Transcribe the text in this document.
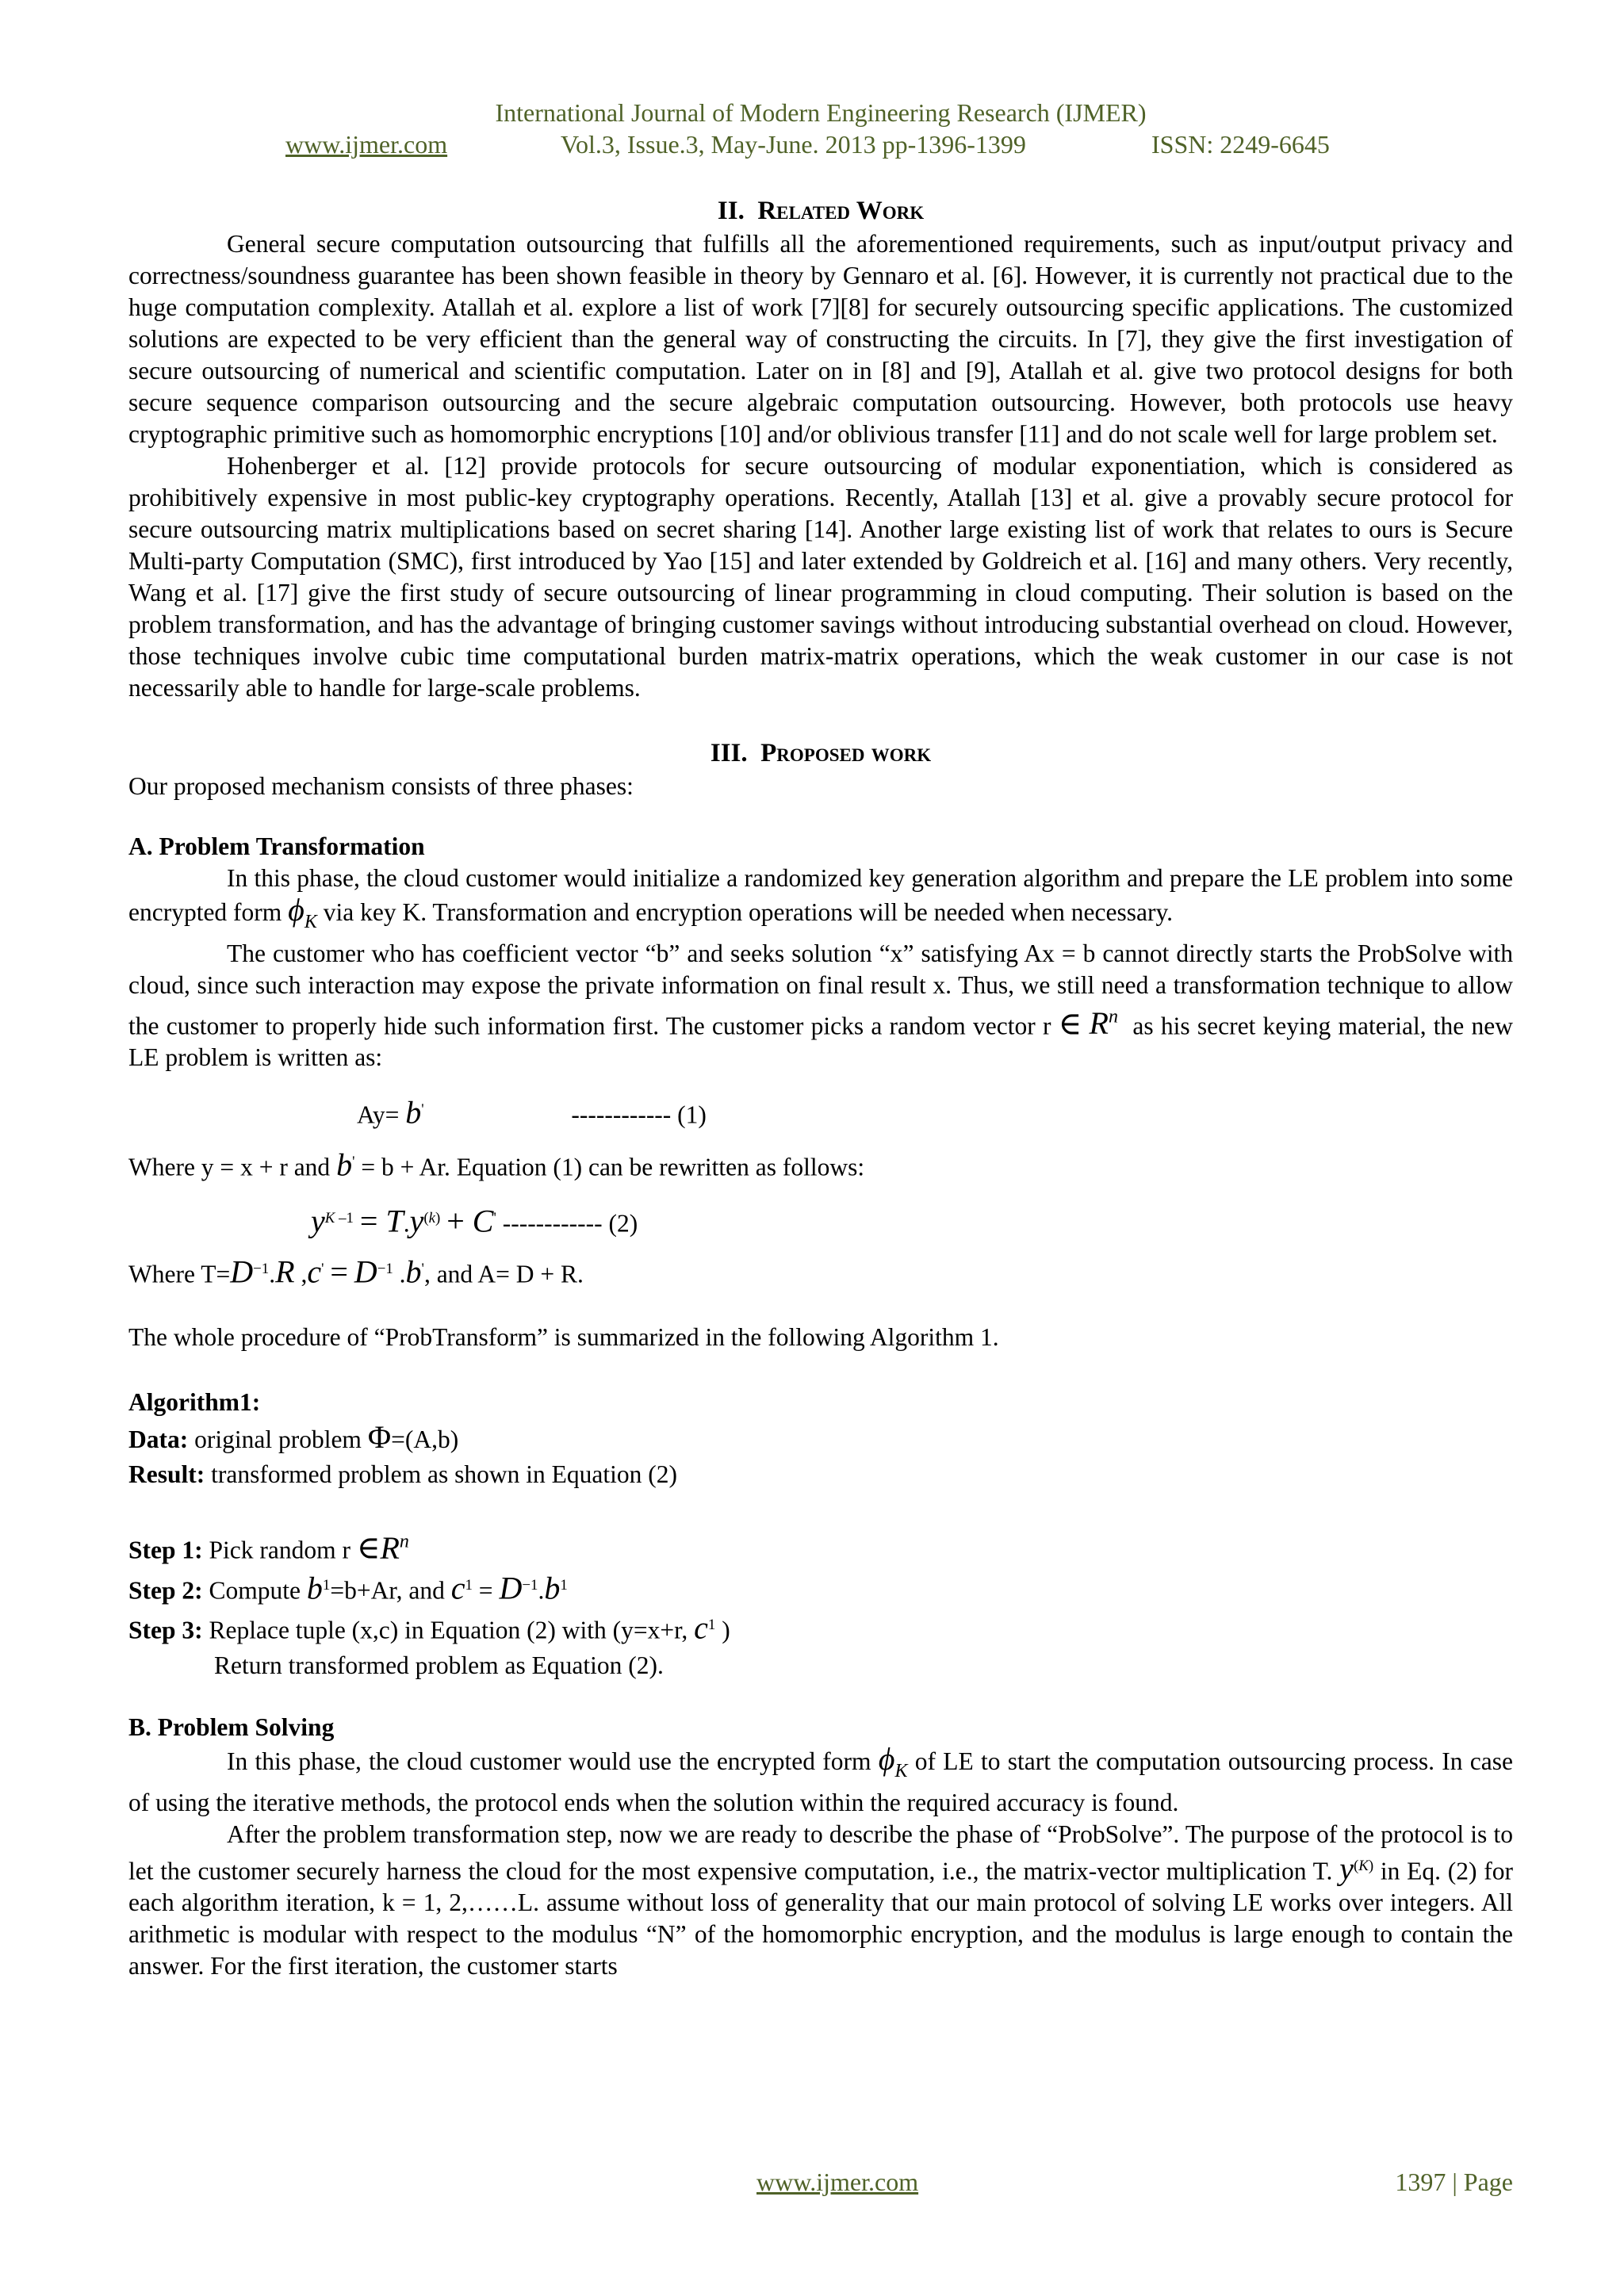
International Journal of Modern Engineering Research (IJMER)
www.ijmer.com	Vol.3, Issue.3, May-June. 2013 pp-1396-1399	ISSN: 2249-6645
II. Related Work

General secure computation outsourcing that fulfills all the aforementioned requirements, such as input/output privacy and correctness/soundness guarantee has been shown feasible in theory by Gennaro et al. [6]. However, it is currently not practical due to the huge computation complexity. Atallah et al. explore a list of work [7][8] for securely outsourcing specific applications. The customized solutions are expected to be very efficient than the general way of constructing the circuits. In [7], they give the first investigation of secure outsourcing of numerical and scientific computation. Later on in [8] and [9], Atallah et al. give two protocol designs for both secure sequence comparison outsourcing and the secure algebraic computation outsourcing. However, both protocols use heavy cryptographic primitive such as homomorphic encryptions [10] and/or oblivious transfer [11] and do not scale well for large problem set.

Hohenberger et al. [12] provide protocols for secure outsourcing of modular exponentiation, which is considered as prohibitively expensive in most public-key cryptography operations. Recently, Atallah [13] et al. give a provably secure protocol for secure outsourcing matrix multiplications based on secret sharing [14]. Another large existing list of work that relates to ours is Secure Multi-party Computation (SMC), first introduced by Yao [15] and later extended by Goldreich et al. [16] and many others. Very recently, Wang et al. [17] give the first study of secure outsourcing of linear programming in cloud computing. Their solution is based on the problem transformation, and has the advantage of bringing customer savings without introducing substantial overhead on cloud. However, those techniques involve cubic time computational burden matrix-matrix operations, which the weak customer in our case is not necessarily able to handle for large-scale problems.

III. Proposed work

Our proposed mechanism consists of three phases:

A. Problem Transformation

In this phase, the cloud customer would initialize a randomized key generation algorithm and prepare the LE problem into some encrypted form $\phi_K$ via key K. Transformation and encryption operations will be needed when necessary.

The customer who has coefficient vector “b” and seeks solution “x” satisfying Ax = b cannot directly starts the ProbSolve with cloud, since such interaction may expose the private information on final result x. Thus, we still need a transformation technique to allow the customer to properly hide such information first. The customer picks a random vector r ∈ $R^n$ as his secret keying material, the new LE problem is written as:

Ay= b'	------------ (1)

Where y = x + r and b' = b + Ar. Equation (1) can be rewritten as follows:

$y^{K -1} = T.y^{(k)} + C'$ ------------ (2)

Where $T=D^{-1}.R$ $,c' = D^{-1}$ .b', and A= D + R.

The whole procedure of “ProbTransform” is summarized in the following Algorithm 1.

Algorithm1:

Data: original problem Φ=(A,b)

Result: transformed problem as shown in Equation (2)

Step 1: Pick random r $\in R^n$

Step 2: Compute $b^1=b+Ar$, and $c^1 = D^{-1}.b^1$

Step 3: Replace tuple (x,c) in Equation (2) with (y=x+r, $c^1$ )

Return transformed problem as Equation (2).

B. Problem Solving

In this phase, the cloud customer would use the encrypted form $\phi_K$ of LE to start the computation outsourcing process. In case of using the iterative methods, the protocol ends when the solution within the required accuracy is found.

After the problem transformation step, now we are ready to describe the phase of “ProbSolve”. The purpose of the protocol is to let the customer securely harness the cloud for the most expensive computation, i.e., the matrix-vector multiplication T. $y^{(K)}$ in Eq. (2) for each algorithm iteration, k = 1, 2,……L. assume without loss of generality that our main protocol of solving LE works over integers. All arithmetic is modular with respect to the modulus “N” of the homomorphic encryption, and the modulus is large enough to contain the answer. For the first iteration, the customer starts

www.ijmer.com	1397 | Page
